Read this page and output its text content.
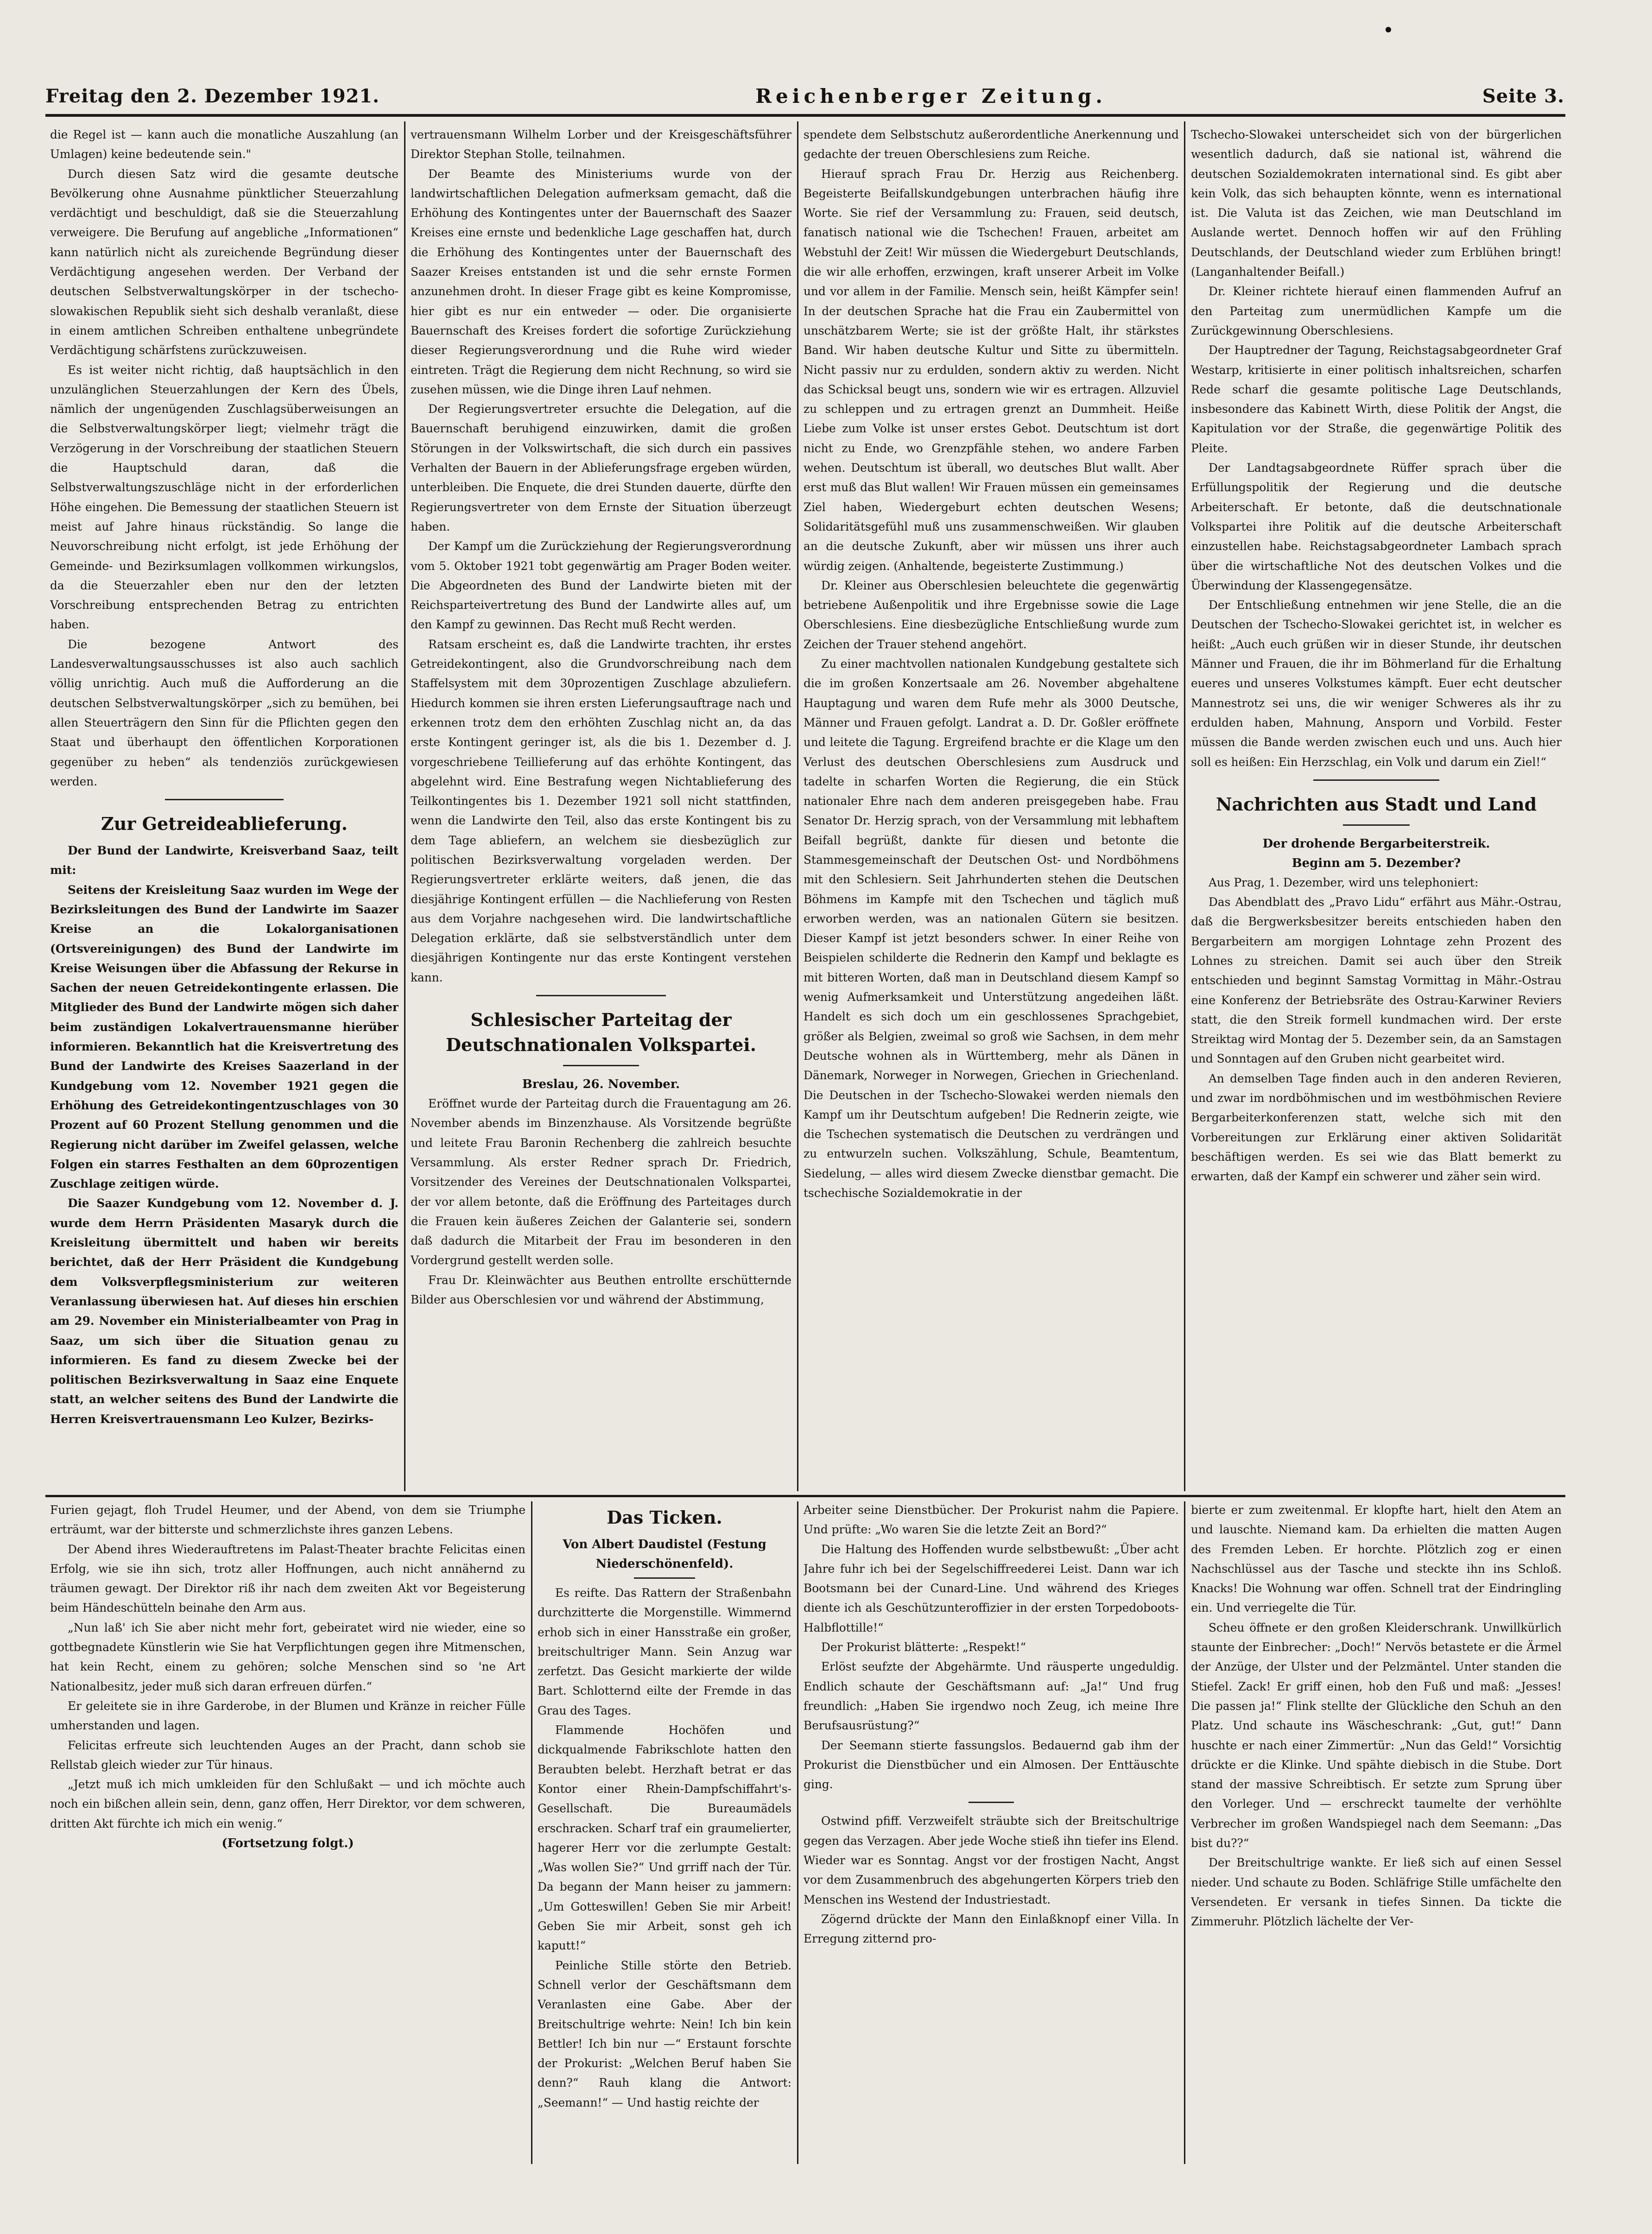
Freitag den 2. Dezember 1921.	Reichenberger Zeitung.	Seite 3.

die Regel ist — kann auch die monatliche Auszahlung (an Umlagen) keine bedeutende sein."

Durch diesen Satz wird die gesamte deutsche Bevölkerung ohne Ausnahme pünktlicher Steuerzahlung verdächtigt und beschuldigt, daß sie die Steuerzahlung verweigere. Die Berufung auf angebliche „Informationen“ kann natürlich nicht als zureichende Begründung dieser Verdächtigung angesehen werden. Der Verband der deutschen Selbstverwaltungskörper in der tschecho-slowakischen Republik sieht sich deshalb veranlaßt, diese in einem amtlichen Schreiben enthaltene unbegründete Verdächtigung schärfstens zurückzuweisen.

Es ist weiter nicht richtig, daß hauptsächlich in den unzulänglichen Steuerzahlungen der Kern des Übels, nämlich der ungenügenden Zuschlagsüberweisungen an die Selbstverwaltungskörper liegt; vielmehr trägt die Verzögerung in der Vorschreibung der staatlichen Steuern die Hauptschuld daran, daß die Selbstverwaltungszuschläge nicht in der erforderlichen Höhe eingehen. Die Bemessung der staatlichen Steuern ist meist auf Jahre hinaus rückständig. So lange die Neuvorschreibung nicht erfolgt, ist jede Erhöhung der Gemeinde- und Bezirksumlagen vollkommen wirkungslos, da die Steuerzahler eben nur den der letzten Vorschreibung entsprechenden Betrag zu entrichten haben.

Die bezogene Antwort des Landesverwaltungsausschusses ist also auch sachlich völlig unrichtig. Auch muß die Aufforderung an die deutschen Selbstverwaltungskörper „sich zu bemühen, bei allen Steuerträgern den Sinn für die Pflichten gegen den Staat und überhaupt den öffentlichen Korporationen gegenüber zu heben“ als tendenziös zurückgewiesen werden.

Zur Getreideablieferung.

Der Bund der Landwirte, Kreisverband Saaz, teilt mit:

Seitens der Kreisleitung Saaz wurden im Wege der Bezirksleitungen des Bund der Landwirte im Saazer Kreise an die Lokalorganisationen (Ortsvereinigungen) des Bund der Landwirte im Kreise Weisungen über die Abfassung der Rekurse in Sachen der neuen Getreidekontingente erlassen. Die Mitglieder des Bund der Landwirte mögen sich daher beim zuständigen Lokalvertrauensmanne hierüber informieren. Bekanntlich hat die Kreisvertretung des Bund der Landwirte des Kreises Saazerland in der Kundgebung vom 12. November 1921 gegen die Erhöhung des Getreidekontingentzuschlages von 30 Prozent auf 60 Prozent Stellung genommen und die Regierung nicht darüber im Zweifel gelassen, welche Folgen ein starres Festhalten an dem 60prozentigen Zuschlage zeitigen würde.

Die Saazer Kundgebung vom 12. November d. J. wurde dem Herrn Präsidenten Masaryk durch die Kreisleitung übermittelt und haben wir bereits berichtet, daß der Herr Präsident die Kundgebung dem Volksverpflegsministerium zur weiteren Veranlassung überwiesen hat. Auf dieses hin erschien am 29. November ein Ministerialbeamter von Prag in Saaz, um sich über die Situation genau zu informieren. Es fand zu diesem Zwecke bei der politischen Bezirksverwaltung in Saaz eine Enquete statt, an welcher seitens des Bund der Landwirte die Herren Kreisvertrauensmann Leo Kulzer, Bezirks-

vertrauensmann Wilhelm Lorber und der Kreisgeschäftsführer Direktor Stephan Stolle, teilnahmen.

Der Beamte des Ministeriums wurde von der landwirtschaftlichen Delegation aufmerksam gemacht, daß die Erhöhung des Kontingentes unter der Bauernschaft des Saazer Kreises eine ernste und bedenkliche Lage geschaffen hat, durch die Erhöhung des Kontingentes unter der Bauernschaft des Saazer Kreises entstanden ist und die sehr ernste Formen anzunehmen droht. In dieser Frage gibt es keine Kompromisse, hier gibt es nur ein entweder — oder. Die organisierte Bauernschaft des Kreises fordert die sofortige Zurückziehung dieser Regierungsverordnung und die Ruhe wird wieder eintreten. Trägt die Regierung dem nicht Rechnung, so wird sie zusehen müssen, wie die Dinge ihren Lauf nehmen.

Der Regierungsvertreter ersuchte die Delegation, auf die Bauernschaft beruhigend einzuwirken, damit die großen Störungen in der Volkswirtschaft, die sich durch ein passives Verhalten der Bauern in der Ablieferungsfrage ergeben würden, unterbleiben. Die Enquete, die drei Stunden dauerte, dürfte den Regierungsvertreter von dem Ernste der Situation überzeugt haben.

Der Kampf um die Zurückziehung der Regierungsverordnung vom 5. Oktober 1921 tobt gegenwärtig am Prager Boden weiter. Die Abgeordneten des Bund der Landwirte bieten mit der Reichsparteivertretung des Bund der Landwirte alles auf, um den Kampf zu gewinnen. Das Recht muß Recht werden.

Ratsam erscheint es, daß die Landwirte trachten, ihr erstes Getreidekontingent, also die Grundvorschreibung nach dem Staffelsystem mit dem 30prozentigen Zuschlage abzuliefern. Hiedurch kommen sie ihren ersten Lieferungsauftrage nach und erkennen trotz dem den erhöhten Zuschlag nicht an, da das erste Kontingent geringer ist, als die bis 1. Dezember d. J. vorgeschriebene Teillieferung auf das erhöhte Kontingent, das abgelehnt wird. Eine Bestrafung wegen Nichtablieferung des Teilkontingentes bis 1. Dezember 1921 soll nicht stattfinden, wenn die Landwirte den Teil, also das erste Kontingent bis zu dem Tage abliefern, an welchem sie diesbezüglich zur politischen Bezirksverwaltung vorgeladen werden. Der Regierungsvertreter erklärte weiters, daß jenen, die das diesjährige Kontingent erfüllen — die Nachlieferung von Resten aus dem Vorjahre nachgesehen wird. Die landwirtschaftliche Delegation erklärte, daß sie selbstverständlich unter dem diesjährigen Kontingente nur das erste Kontingent verstehen kann.

Schlesischer Parteitag der Deutschnationalen Volkspartei.
Breslau, 26. November.

Eröffnet wurde der Parteitag durch die Frauentagung am 26. November abends im Binzenzhause. Als Vorsitzende begrüßte und leitete Frau Baronin Rechenberg die zahlreich besuchte Versammlung. Als erster Redner sprach Dr. Friedrich, Vorsitzender des Vereines der Deutschnationalen Volkspartei, der vor allem betonte, daß die Eröffnung des Parteitages durch die Frauen kein äußeres Zeichen der Galanterie sei, sondern daß dadurch die Mitarbeit der Frau im besonderen in den Vordergrund gestellt werden solle.

Frau Dr. Kleinwächter aus Beuthen entrollte erschütternde Bilder aus Oberschlesien vor und während der Abstimmung,

spendete dem Selbstschutz außerordentliche Anerkennung und gedachte der treuen Oberschlesiens zum Reiche.

Hierauf sprach Frau Dr. Herzig aus Reichenberg. Begeisterte Beifallskundgebungen unterbrachen häufig ihre Worte. Sie rief der Versammlung zu: Frauen, seid deutsch, fanatisch national wie die Tschechen! Frauen, arbeitet am Webstuhl der Zeit! Wir müssen die Wiedergeburt Deutschlands, die wir alle erhoffen, erzwingen, kraft unserer Arbeit im Volke und vor allem in der Familie. Mensch sein, heißt Kämpfer sein! In der deutschen Sprache hat die Frau ein Zaubermittel von unschätzbarem Werte; sie ist der größte Halt, ihr stärkstes Band. Wir haben deutsche Kultur und Sitte zu übermitteln. Nicht passiv nur zu erdulden, sondern aktiv zu werden. Nicht das Schicksal beugt uns, sondern wie wir es ertragen. Allzuviel zu schleppen und zu ertragen grenzt an Dummheit. Heiße Liebe zum Volke ist unser erstes Gebot. Deutschtum ist dort nicht zu Ende, wo Grenzpfähle stehen, wo andere Farben wehen. Deutschtum ist überall, wo deutsches Blut wallt. Aber erst muß das Blut wallen! Wir Frauen müssen ein gemeinsames Ziel haben, Wiedergeburt echten deutschen Wesens; Solidaritätsgefühl muß uns zusammenschweißen. Wir glauben an die deutsche Zukunft, aber wir müssen uns ihrer auch würdig zeigen. (Anhaltende, begeisterte Zustimmung.)

Dr. Kleiner aus Oberschlesien beleuchtete die gegenwärtig betriebene Außenpolitik und ihre Ergebnisse sowie die Lage Oberschlesiens. Eine diesbezügliche Entschließung wurde zum Zeichen der Trauer stehend angehört.

Zu einer machtvollen nationalen Kundgebung gestaltete sich die im großen Konzertsaale am 26. November abgehaltene Hauptagung und waren dem Rufe mehr als 3000 Deutsche, Männer und Frauen gefolgt. Landrat a. D. Dr. Goßler eröffnete und leitete die Tagung. Ergreifend brachte er die Klage um den Verlust des deutschen Oberschlesiens zum Ausdruck und tadelte in scharfen Worten die Regierung, die ein Stück nationaler Ehre nach dem anderen preisgegeben habe. Frau Senator Dr. Herzig sprach, von der Versammlung mit lebhaftem Beifall begrüßt, dankte für diesen und betonte die Stammesgemeinschaft der Deutschen Ost- und Nordböhmens mit den Schlesiern. Seit Jahrhunderten stehen die Deutschen Böhmens im Kampfe mit den Tschechen und täglich muß erworben werden, was an nationalen Gütern sie besitzen. Dieser Kampf ist jetzt besonders schwer. In einer Reihe von Beispielen schilderte die Rednerin den Kampf und beklagte es mit bitteren Worten, daß man in Deutschland diesem Kampf so wenig Aufmerksamkeit und Unterstützung angedeihen läßt. Handelt es sich doch um ein geschlossenes Sprachgebiet, größer als Belgien, zweimal so groß wie Sachsen, in dem mehr Deutsche wohnen als in Württemberg, mehr als Dänen in Dänemark, Norweger in Norwegen, Griechen in Griechenland. Die Deutschen in der Tschecho-Slowakei werden niemals den Kampf um ihr Deutschtum aufgeben! Die Rednerin zeigte, wie die Tschechen systematisch die Deutschen zu verdrängen und zu entwurzeln suchen. Volkszählung, Schule, Beamtentum, Siedelung, — alles wird diesem Zwecke dienstbar gemacht. Die tschechische Sozialdemokratie in der

Tschecho-Slowakei unterscheidet sich von der bürgerlichen wesentlich dadurch, daß sie national ist, während die deutschen Sozialdemokraten international sind. Es gibt aber kein Volk, das sich behaupten könnte, wenn es international ist. Die Valuta ist das Zeichen, wie man Deutschland im Auslande wertet. Dennoch hoffen wir auf den Frühling Deutschlands, der Deutschland wieder zum Erblühen bringt! (Langanhaltender Beifall.)

Dr. Kleiner richtete hierauf einen flammenden Aufruf an den Parteitag zum unermüdlichen Kampfe um die Zurückgewinnung Oberschlesiens.

Der Hauptredner der Tagung, Reichstagsabgeordneter Graf Westarp, kritisierte in einer politisch inhaltsreichen, scharfen Rede scharf die gesamte politische Lage Deutschlands, insbesondere das Kabinett Wirth, diese Politik der Angst, die Kapitulation vor der Straße, die gegenwärtige Politik des Pleite.

Der Landtagsabgeordnete Rüffer sprach über die Erfüllungspolitik der Regierung und die deutsche Arbeiterschaft. Er betonte, daß die deutschnationale Volkspartei ihre Politik auf die deutsche Arbeiterschaft einzustellen habe. Reichstagsabgeordneter Lambach sprach über die wirtschaftliche Not des deutschen Volkes und die Überwindung der Klassengegensätze.

Der Entschließung entnehmen wir jene Stelle, die an die Deutschen der Tschecho-Slowakei gerichtet ist, in welcher es heißt: „Auch euch grüßen wir in dieser Stunde, ihr deutschen Männer und Frauen, die ihr im Böhmerland für die Erhaltung eueres und unseres Volkstumes kämpft. Euer echt deutscher Mannestrotz sei uns, die wir weniger Schweres als ihr zu erdulden haben, Mahnung, Ansporn und Vorbild. Fester müssen die Bande werden zwischen euch und uns. Auch hier soll es heißen: Ein Herzschlag, ein Volk und darum ein Ziel!“

Nachrichten aus Stadt und Land
Der drohende Bergarbeiterstreik.
Beginn am 5. Dezember?

Aus Prag, 1. Dezember, wird uns telephoniert:

Das Abendblatt des „Pravo Lidu“ erfährt aus Mähr.-Ostrau, daß die Bergwerksbesitzer bereits entschieden haben den Bergarbeitern am morgigen Lohntage zehn Prozent des Lohnes zu streichen. Damit sei auch über den Streik entschieden und beginnt Samstag Vormittag in Mähr.-Ostrau eine Konferenz der Betriebsräte des Ostrau-Karwiner Reviers statt, die den Streik formell kundmachen wird. Der erste Streiktag wird Montag der 5. Dezember sein, da an Samstagen und Sonntagen auf den Gruben nicht gearbeitet wird.

An demselben Tage finden auch in den anderen Revieren, und zwar im nordböhmischen und im westböhmischen Reviere Bergarbeiterkonferenzen statt, welche sich mit den Vorbereitungen zur Erklärung einer aktiven Solidarität beschäftigen werden. Es sei wie das Blatt bemerkt zu erwarten, daß der Kampf ein schwerer und zäher sein wird.

Furien gejagt, floh Trudel Heumer, und der Abend, von dem sie Triumphe erträumt, war der bitterste und schmerzlichste ihres ganzen Lebens.

Der Abend ihres Wiederauftretens im Palast-Theater brachte Felicitas einen Erfolg, wie sie ihn sich, trotz aller Hoffnungen, auch nicht annähernd zu träumen gewagt. Der Direktor riß ihr nach dem zweiten Akt vor Begeisterung beim Händeschütteln beinahe den Arm aus.

„Nun laß' ich Sie aber nicht mehr fort, gebeiratet wird nie wieder, eine so gottbegnadete Künstlerin wie Sie hat Verpflichtungen gegen ihre Mitmenschen, hat kein Recht, einem zu gehören; solche Menschen sind so 'ne Art Nationalbesitz, jeder muß sich daran erfreuen dürfen.“

Er geleitete sie in ihre Garderobe, in der Blumen und Kränze in reicher Fülle umherstanden und lagen.

Felicitas erfreute sich leuchtenden Auges an der Pracht, dann schob sie Rellstab gleich wieder zur Tür hinaus.

„Jetzt muß ich mich umkleiden für den Schlußakt — und ich möchte auch noch ein bißchen allein sein, denn, ganz offen, Herr Direktor, vor dem schweren, dritten Akt fürchte ich mich ein wenig.“

(Fortsetzung folgt.)
Das Ticken.
Von Albert Daudistel (Festung Niederschönenfeld).

Es reifte. Das Rattern der Straßenbahn durchzitterte die Morgenstille. Wimmernd erhob sich in einer Hansstraße ein großer, breitschultriger Mann. Sein Anzug war zerfetzt. Das Gesicht markierte der wilde Bart. Schlotternd eilte der Fremde in das Grau des Tages.

Flammende Hochöfen und dickqualmende Fabrikschlote hatten den Beraubten belebt. Herzhaft betrat er das Kontor einer Rhein-Dampfschiffahrt's-Gesellschaft. Die Bureaumädels erschracken. Scharf traf ein graumelierter, hagerer Herr vor die zerlumpte Gestalt: „Was wollen Sie?“ Und grriff nach der Tür. Da begann der Mann heiser zu jammern: „Um Gotteswillen! Geben Sie mir Arbeit! Geben Sie mir Arbeit, sonst geh ich kaputt!“

Peinliche Stille störte den Betrieb. Schnell verlor der Geschäftsmann dem Veranlasten eine Gabe. Aber der Breitschultrige wehrte: Nein! Ich bin kein Bettler! Ich bin nur —“ Erstaunt forschte der Prokurist: „Welchen Beruf haben Sie denn?“ Rauh klang die Antwort: „Seemann!“ — Und hastig reichte der

Arbeiter seine Dienstbücher. Der Prokurist nahm die Papiere. Und prüfte: „Wo waren Sie die letzte Zeit an Bord?“

Die Haltung des Hoffenden wurde selbstbewußt: „Über acht Jahre fuhr ich bei der Segelschiffreederei Leist. Dann war ich Bootsmann bei der Cunard-Line. Und während des Krieges diente ich als Geschützunteroffizier in der ersten Torpedoboots-Halbflottille!“

Der Prokurist blätterte: „Respekt!“

Erlöst seufzte der Abgehärmte. Und räusperte ungeduldig. Endlich schaute der Geschäftsmann auf: „Ja!“ Und frug freundlich: „Haben Sie irgendwo noch Zeug, ich meine Ihre Berufsausrüstung?“

Der Seemann stierte fassungslos. Bedauernd gab ihm der Prokurist die Dienstbücher und ein Almosen. Der Enttäuschte ging.

Ostwind pfiff. Verzweifelt sträubte sich der Breitschultrige gegen das Verzagen. Aber jede Woche stieß ihn tiefer ins Elend. Wieder war es Sonntag. Angst vor der frostigen Nacht, Angst vor dem Zusammenbruch des abgehungerten Körpers trieb den Menschen ins Westend der Industriestadt.

Zögernd drückte der Mann den Einlaßknopf einer Villa. In Erregung zitternd pro-

bierte er zum zweitenmal. Er klopfte hart, hielt den Atem an und lauschte. Niemand kam. Da erhielten die matten Augen des Fremden Leben. Er horchte. Plötzlich zog er einen Nachschlüssel aus der Tasche und steckte ihn ins Schloß. Knacks! Die Wohnung war offen. Schnell trat der Eindringling ein. Und verriegelte die Tür.

Scheu öffnete er den großen Kleiderschrank. Unwillkürlich staunte der Einbrecher: „Doch!“ Nervös betastete er die Ärmel der Anzüge, der Ulster und der Pelzmäntel. Unter standen die Stiefel. Zack! Er griff einen, hob den Fuß und maß: „Jesses! Die passen ja!“ Flink stellte der Glückliche den Schuh an den Platz. Und schaute ins Wäscheschrank: „Gut, gut!“ Dann huschte er nach einer Zimmertür: „Nun das Geld!“ Vorsichtig drückte er die Klinke. Und spähte diebisch in die Stube. Dort stand der massive Schreibtisch. Er setzte zum Sprung über den Vorleger. Und — erschreckt taumelte der verhöhlte Verbrecher im großen Wandspiegel nach dem Seemann: „Das bist du??“

Der Breitschultrige wankte. Er ließ sich auf einen Sessel nieder. Und schaute zu Boden. Schläfrige Stille umfächelte den Versendeten. Er versank in tiefes Sinnen. Da tickte die Zimmeruhr. Plötzlich lächelte der Ver-
